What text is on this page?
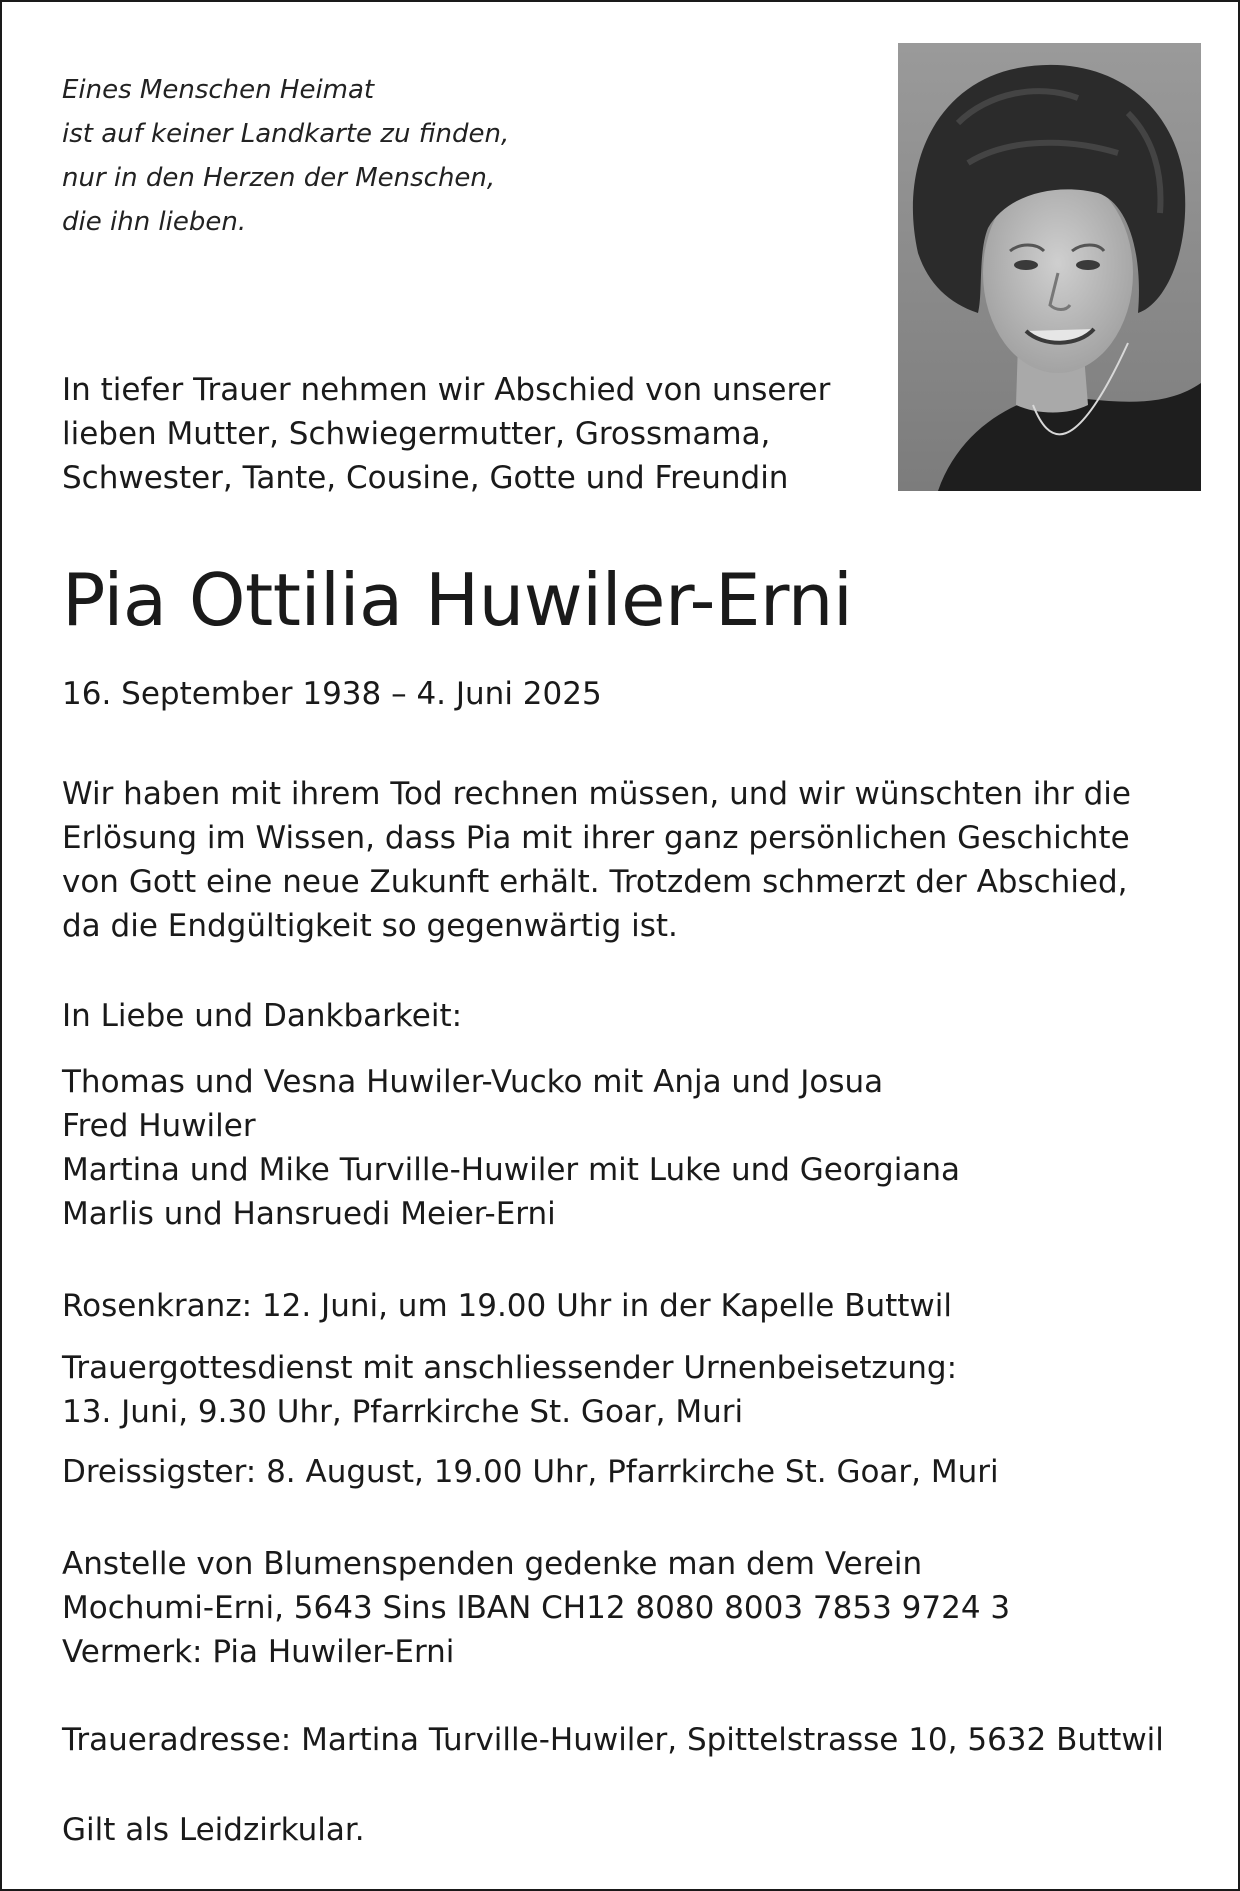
Eines Menschen Heimat
ist auf keiner Landkarte zu finden,
nur in den Herzen der Menschen,
die ihn lieben.
In tiefer Trauer nehmen wir Abschied von unserer
lieben Mutter, Schwiegermutter, Grossmama,
Schwester, Tante, Cousine, Gotte und Freundin
Pia Ottilia Huwiler-Erni
16. September 1938 – 4. Juni 2025
Wir haben mit ihrem Tod rechnen müssen, und wir wünschten ihr die
Erlösung im Wissen, dass Pia mit ihrer ganz persönlichen Geschichte
von Gott eine neue Zukunft erhält. Trotzdem schmerzt der Abschied,
da die Endgültigkeit so gegenwärtig ist.
In Liebe und Dankbarkeit:
Thomas und Vesna Huwiler-Vucko mit Anja und Josua
Fred Huwiler
Martina und Mike Turville-Huwiler mit Luke und Georgiana
Marlis und Hansruedi Meier-Erni
Rosenkranz: 12. Juni, um 19.00 Uhr in der Kapelle Buttwil
Trauergottesdienst mit anschliessender Urnenbeisetzung:
13. Juni, 9.30 Uhr, Pfarrkirche St. Goar, Muri
Dreissigster: 8. August, 19.00 Uhr, Pfarrkirche St. Goar, Muri
Anstelle von Blumenspenden gedenke man dem Verein
Mochumi-Erni, 5643 Sins IBAN CH12 8080 8003 7853 9724 3
Vermerk: Pia Huwiler-Erni
Traueradresse: Martina Turville-Huwiler, Spittelstrasse 10, 5632 Buttwil
Gilt als Leidzirkular.
